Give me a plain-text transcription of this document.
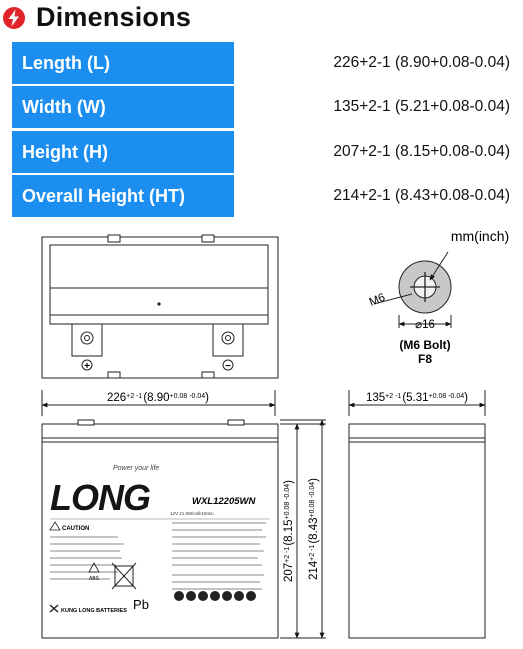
Dimensions
Length (L)	226+2-1 (8.90+0.08-0.04)
Width (W)	135+2-1 (5.21+0.08-0.04)
Height (H)	207+2-1 (8.15+0.08-0.04)
Overall Height (HT)	214+2-1 (8.43+0.08-0.04)
+	−
mm(inch)
M6
⌀16
(M6 Bolt)
F8
$226^{+2 -1}(8.90^{+0.08 -0.04})$	$135^{+2 -1}(5.31^{+0.08 -0.04})$
Power your life
LONG	WXL12205WN
12V 21.5W/cell/15min
CAUTION
ABS
Pb
KUNG LONG BATTERIES
$207^{+2 -1}(8.15^{+0.08 -0.04})$
$214^{+2 -1}(8.43^{+0.08 -0.04})$
